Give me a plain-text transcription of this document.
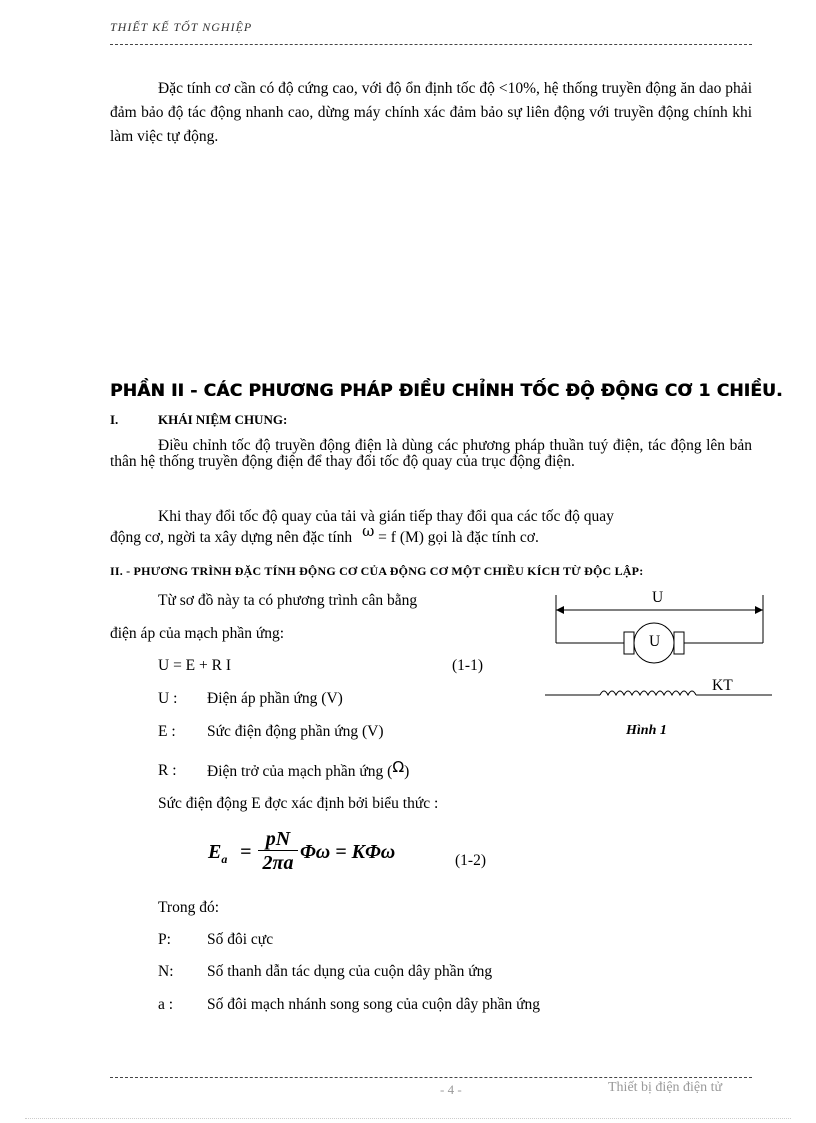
THIẾT KẾ TỐT NGHIỆP
Đặc tính cơ cần có độ cứng cao, với độ ổn định tốc độ <10%, hệ thống truyền động ăn dao phải đảm bảo độ tác động nhanh cao, dừng máy chính xác đảm bảo sự liên động với truyền động chính khi làm việc tự động.
PHẦN II - CÁC PHƯƠNG PHÁP ĐIỀU CHỈNH TỐC ĐỘ ĐỘNG CƠ 1 CHIỀU.
I.	KHÁI NIỆM CHUNG:
Điều chỉnh tốc độ truyền động điện là dùng các phương pháp thuần tuý điện, tác động lên bản thân hệ thống truyền động điện để thay đổi tốc độ quay của trục động điện.
Khi thay đổi tốc độ quay của tải và gián tiếp thay đổi qua các tốc độ quay
động cơ, ngời ta xây dựng nên đặc tính ω = f (M) gọi là đặc tính cơ.
II. - PHƯƠNG TRÌNH ĐẶC TÍNH ĐỘNG CƠ CỦA ĐỘNG CƠ MỘT CHIỀU KÍCH TỪ ĐỘC LẬP:
Từ sơ đồ này ta có phương trình cân bằng
điện áp của mạch phần ứng:
U = E + R I	(1-1)
U : Điện áp phần ứng (V)
E : Sức điện động phần ứng (V)
R : Điện trở của mạch phần ứng (Ω)
Sức điện động E đợc xác định bởi biểu thức :
$E_a = \frac{pN}{2\pi a}$ Φω = KΦω	(1-2)
Trong đó:
P: Số đôi cực
N: Số thanh dẫn tác dụng của cuộn dây phần ứng
a : Số đôi mạch nhánh song song của cuộn dây phần ứng
U
U
KT
Hình 1
- 4 -	Thiết bị điện điện tử
